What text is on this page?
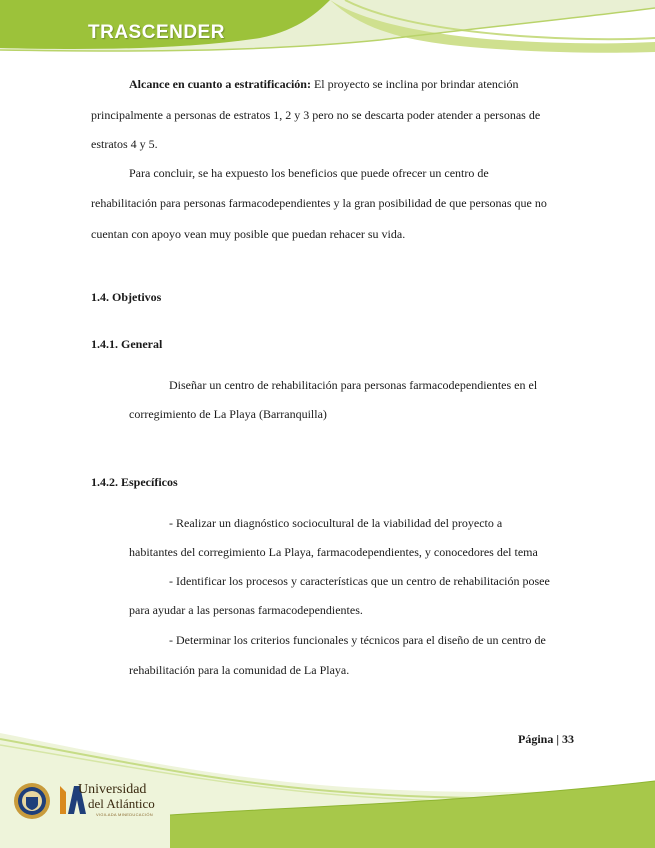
TRASCENDER
Alcance en cuanto a estratificación: El proyecto se inclina por brindar atención
principalmente a personas de estratos 1, 2 y 3 pero no se descarta poder atender a personas de
estratos 4 y 5.
Para concluir, se ha expuesto los beneficios que puede ofrecer un centro de
rehabilitación para personas farmacodependientes y la gran posibilidad de que personas que no
cuentan con apoyo vean muy posible que puedan rehacer su vida.
1.4. Objetivos
1.4.1. General
Diseñar un centro de rehabilitación para personas farmacodependientes en el
corregimiento de La Playa (Barranquilla)
1.4.2. Específicos
- Realizar un diagnóstico sociocultural de la viabilidad del proyecto a
habitantes del corregimiento La Playa, farmacodependientes, y conocedores del tema
- Identificar los procesos y características que un centro de rehabilitación posee
para ayudar a las personas farmacodependientes.
- Determinar los criterios funcionales y técnicos para el diseño de un centro de
rehabilitación para la comunidad de La Playa.
Página | 33
Universidad
del Atlántico
VIGILADA MINEDUCACIÓN
